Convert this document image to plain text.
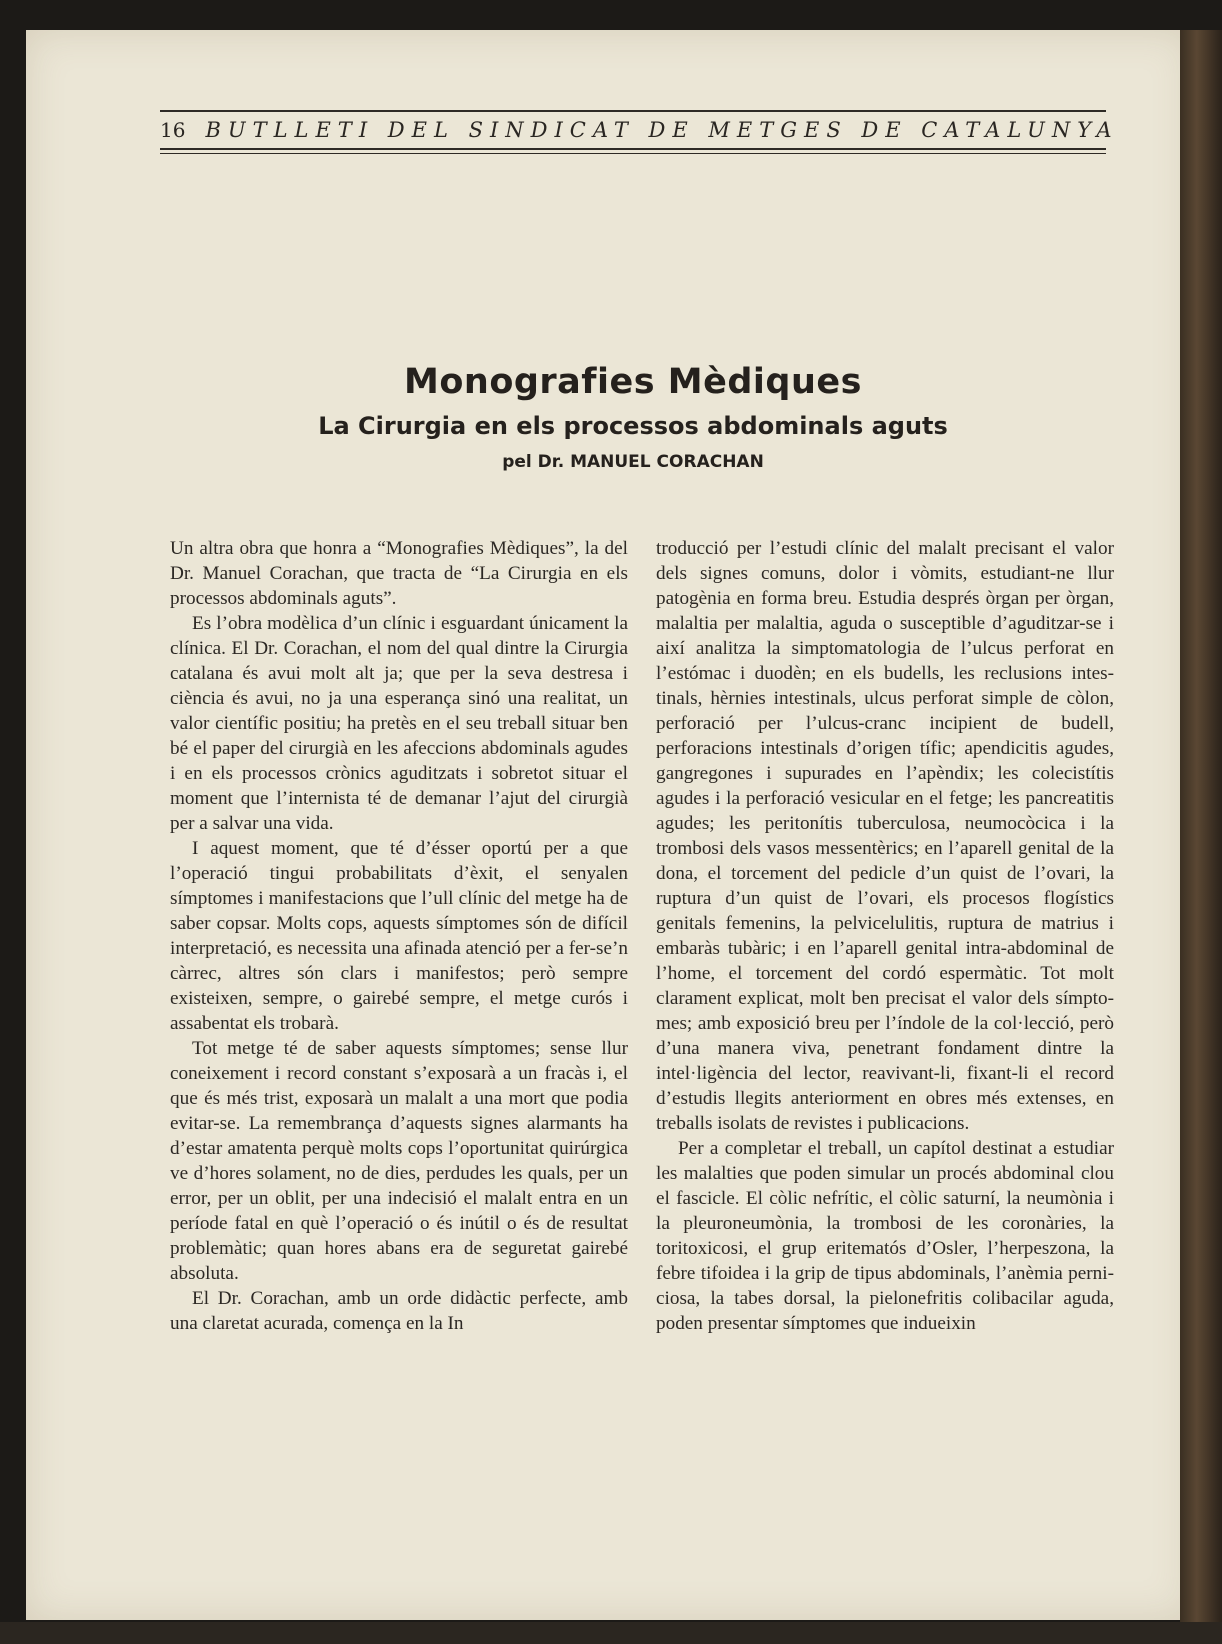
16 BUTLLETI DEL SINDICAT DE METGES DE CATALUNYA
Monografies Mèdiques
La Cirurgia en els processos abdominals aguts
pel Dr. MANUEL CORACHAN

Un altra obra que honra a “Monografies Mèdiques”, la del Dr. Manuel Corachan, que tracta de “La Cirurgia en els processos abdominals aguts”.

Es l’obra modèlica d’un clínic i esguardant únicament la clínica. El Dr. Corachan, el nom del qual dintre la Cirurgia catalana és avui molt alt ja; que per la seva destresa i ciència és avui, no ja una esperança sinó una realitat, un valor científic positiu; ha pretès en el seu treball situar ben bé el paper del cirurgià en les afeccions abdominals agudes i en els processos crònics aguditzats i sobretot situar el moment que l’internista té de demanar l’ajut del cirurgià per a salvar una vida.

I aquest moment, que té d’ésser oportú per a que l’operació tingui probabilitats d’èxit, el senyalen símptomes i manifestacions que l’ull clínic del metge ha de saber copsar. Molts cops, aquests símptomes són de difícil interpretació, es necessita una afinada atenció per a fer-se’n càrrec, altres són clars i manifestos; però sempre existeixen, sempre, o gairebé sempre, el metge curós i assabentat els trobarà.

Tot metge té de saber aquests símptomes; sense llur coneixement i record constant s’exposarà a un fracàs i, el que és més trist, exposarà un malalt a una mort que podia evitar-se. La remembrança d’aquests signes alarmants ha d’estar amatenta perquè molts cops l’oportunitat quirúrgica ve d’hores solament, no de dies, perdudes les quals, per un error, per un oblit, per una indecisió el malalt entra en un període fatal en què l’operació o és inútil o és de resultat problemàtic; quan hores abans era de seguretat gairebé absoluta.

El Dr. Corachan, amb un orde didàctic perfecte, amb una claretat acurada, comença en la In

troducció per l’estudi clínic del malalt precisant el valor dels signes comuns, dolor i vòmits, estudiant-ne llur patogènia en forma breu. Estudia després òrgan per òrgan, malaltia per malaltia, aguda o susceptible d’aguditzar-se i així analitza la simptomatologia de l’ulcus perforat en l’estómac i duodèn; en els budells, les reclusions intestinals, hèrnies intestinals, ulcus perforat simple de còlon, perforació per l’ulcus-cranc incipient de budell, perforacions intestinals d’origen tífic; apendicitis agudes, gangregones i supurades en l’apèndix; les colecistítis agudes i la perforació vesicular en el fetge; les pancreatitis agudes; les peritonítis tuberculosa, neumocòcica i la trombosi dels vasos messentèrics; en l’aparell genital de la dona, el torcement del pedicle d’un quist de l’ovari, la ruptura d’un quist de l’ovari, els procesos flogístics genitals femenins, la pelvicelulitis, ruptura de matrius i embaràs tubàric; i en l’aparell genital intra-abdominal de l’home, el torcement del cordó espermàtic. Tot molt clarament explicat, molt ben precisat el valor dels símptomes; amb exposició breu per l’índole de la col·lecció, però d’una manera viva, penetrant fondament dintre la intel·ligència del lector, reavivant-li, fixant-li el record d’estudis llegits anteriorment en obres més extenses, en treballs isolats de revistes i publicacions.

Per a completar el treball, un capítol destinat a estudiar les malalties que poden simular un procés abdominal clou el fascicle. El còlic nefrític, el còlic saturní, la neumònia i la pleuroneumònia, la trombosi de les coronàries, la toritoxicosi, el grup eritematós d’Osler, l’herpeszona, la febre tifoidea i la grip de tipus abdominals, l’anèmia perniciosa, la tabes dorsal, la pielonefritis colibacilar aguda, poden presentar símptomes que indueixin
